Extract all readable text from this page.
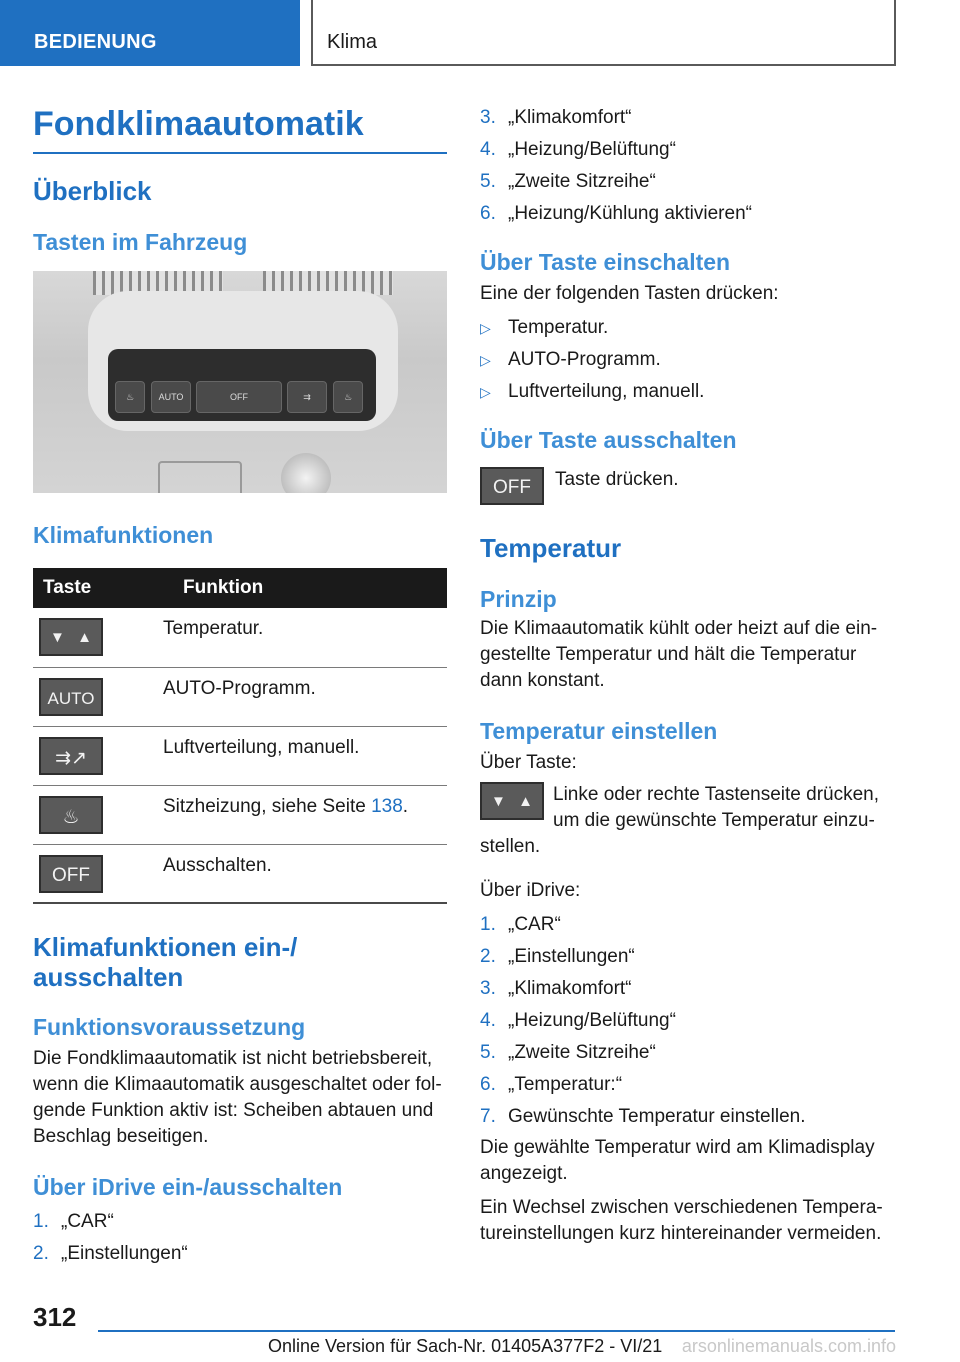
BEDIENUNG	Klima
Fondklimaautomatik
Überblick
Tasten im Fahrzeug
♨	AUTO	OFF	⇉	♨
Klimafunktionen
Taste	Funktion

▼ ▲	Temperatur.

AUTO	AUTO-Programm.

⇉↗	Luftverteilung, manuell.

♨	Sitzheizung, siehe Seite 138.

OFF	Ausschalten.
Klimafunktionen ein-/
ausschalten
Funktionsvoraussetzung

Die Fondklimaautomatik ist nicht betriebsbereit,
wenn die Klimaautomatik ausgeschaltet oder fol-
gende Funktion aktiv ist: Scheiben abtauen und
Beschlag beseitigen.

Über iDrive ein-/ausschalten
1. „CAR“
2. „Einstellungen“
3. „Klimakomfort“
4. „Heizung/Belüftung“
5. „Zweite Sitzreihe“
6. „Heizung/Kühlung aktivieren“
Über Taste einschalten

Eine der folgenden Tasten drücken:

▷ Temperatur.
▷ AUTO-Programm.
▷ Luftverteilung, manuell.
Über Taste ausschalten
OFF	Taste drücken.

Temperatur
Prinzip

Die Klimaautomatik kühlt oder heizt auf die ein-
gestellte Temperatur und hält die Temperatur
dann konstant.

Temperatur einstellen

Über Taste:

▼ ▲	Linke oder rechte Tastenseite drücken,
um die gewünschte Temperatur einzu-

stellen.

Über iDrive:

1. „CAR“
2. „Einstellungen“
3. „Klimakomfort“
4. „Heizung/Belüftung“
5. „Zweite Sitzreihe“
6. „Temperatur:“
7. Gewünschte Temperatur einstellen.

Die gewählte Temperatur wird am Klimadisplay
angezeigt.

Ein Wechsel zwischen verschiedenen Tempera-
tureinstellungen kurz hintereinander vermeiden.

312
arsonlinemanuals.com.info
Online Version für Sach-Nr. 01405A377F2 - VI/21
